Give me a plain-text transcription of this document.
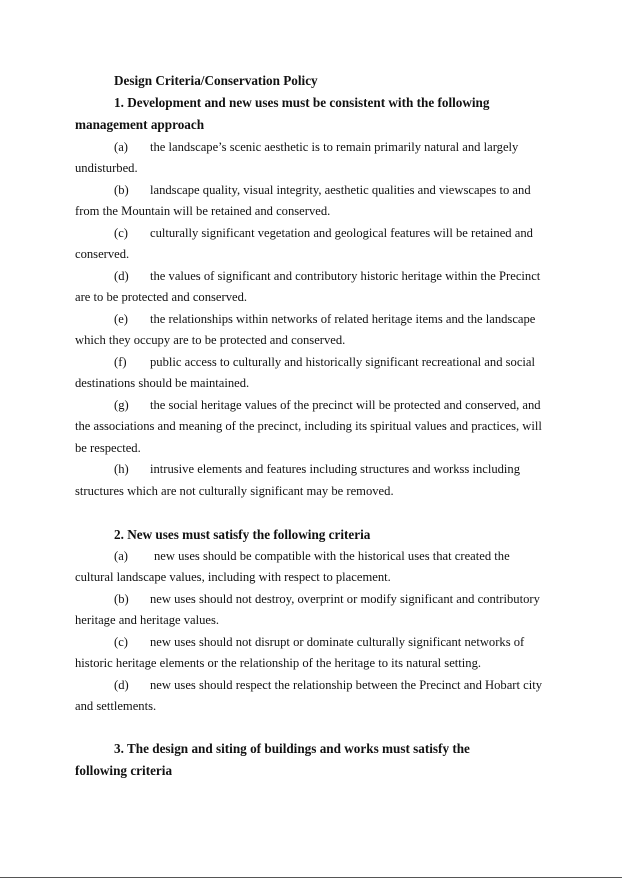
Design Criteria/Conservation Policy
1. Development and new uses must be consistent with the following
management approach
(a) the landscape’s scenic aesthetic is to remain primarily natural and largely
undisturbed.
(b) landscape quality, visual integrity, aesthetic qualities and viewscapes to and
from the Mountain will be retained and conserved.
(c) culturally significant vegetation and geological features will be retained and
conserved.
(d) the values of significant and contributory historic heritage within the Precinct
are to be protected and conserved.
(e) the relationships within networks of related heritage items and the landscape
which they occupy are to be protected and conserved.
(f) public access to culturally and historically significant recreational and social
destinations should be maintained.
(g) the social heritage values of the precinct will be protected and conserved, and
the associations and meaning of the precinct, including its spiritual values and practices, will
be respected.
(h) intrusive elements and features including structures and workss including
structures which are not culturally significant may be removed.
2. New uses must satisfy the following criteria
(a) new uses should be compatible with the historical uses that created the
cultural landscape values, including with respect to placement.
(b) new uses should not destroy, overprint or modify significant and contributory
heritage and heritage values.
(c) new uses should not disrupt or dominate culturally significant networks of
historic heritage elements or the relationship of the heritage to its natural setting.
(d) new uses should respect the relationship between the Precinct and Hobart city
and settlements.
3. The design and siting of buildings and works must satisfy the
following criteria
